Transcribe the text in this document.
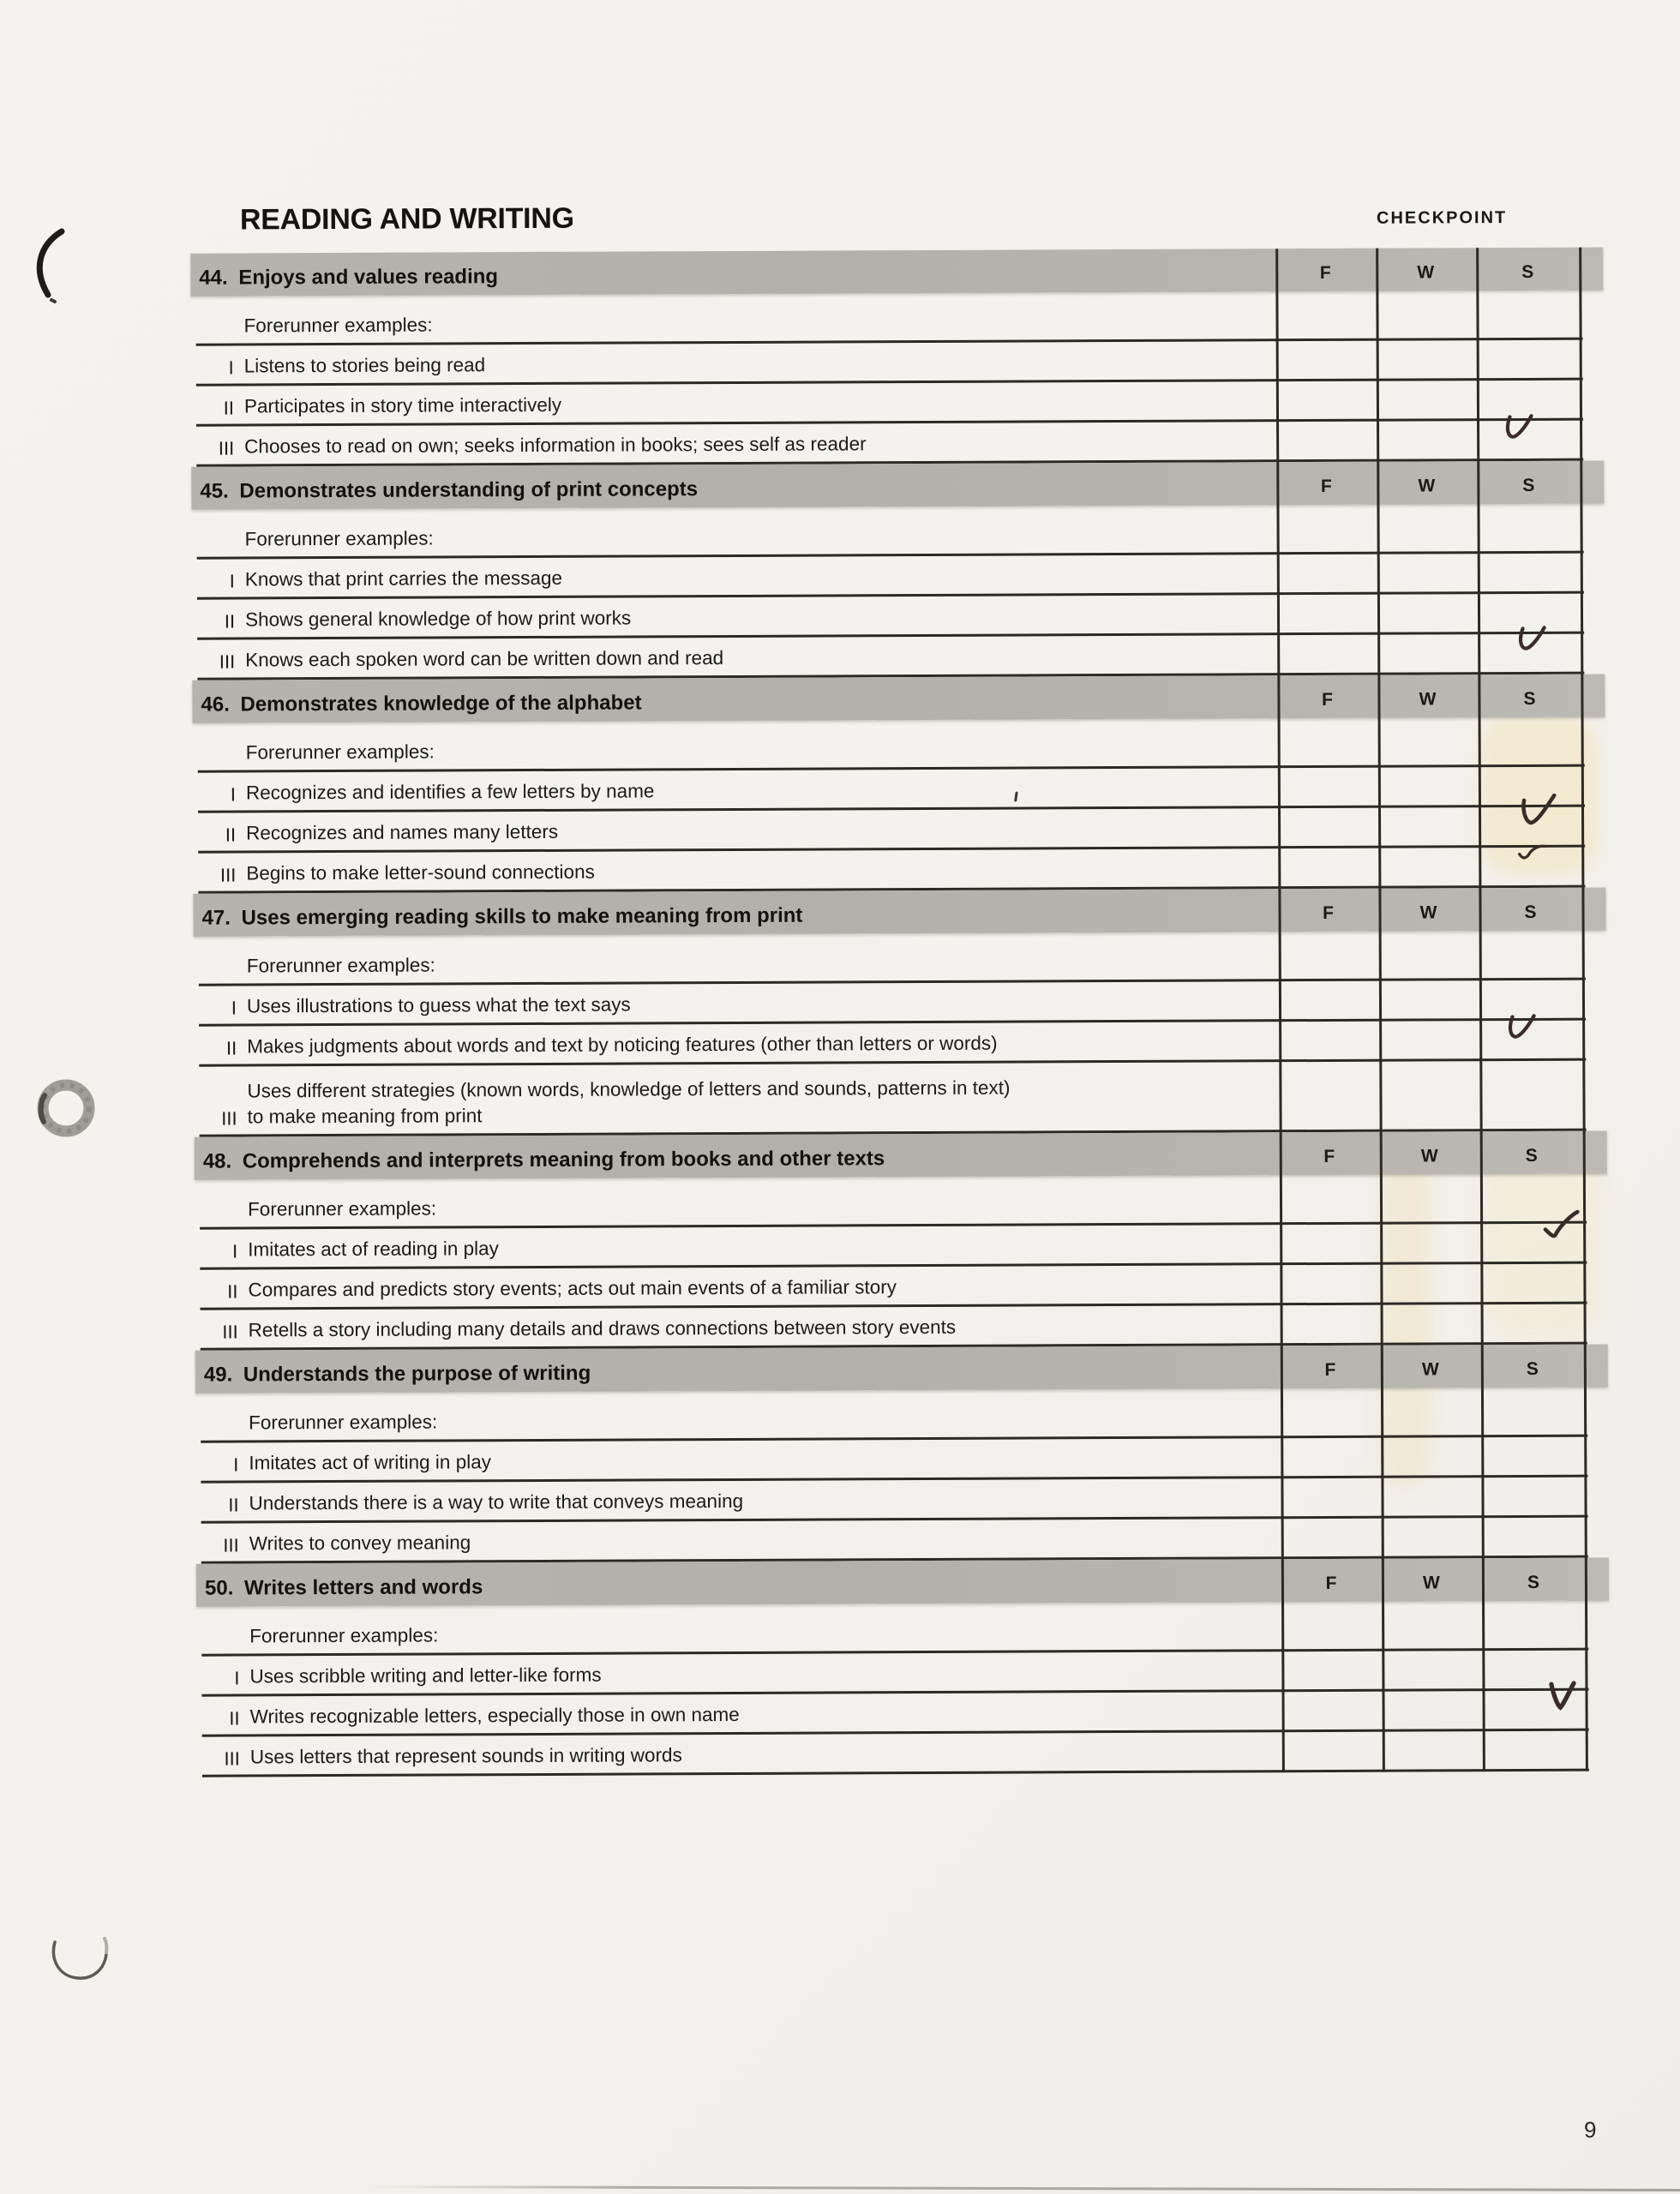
READING AND WRITING	CHECKPOINT
44. Enjoys and values reading	F	W	S
Forerunner examples:
I Listens to stories being read
II Participates in story time interactively
III Chooses to read on own; seeks information in books; sees self as reader
45. Demonstrates understanding of print concepts	F	W	S
Forerunner examples:
I Knows that print carries the message
II Shows general knowledge of how print works
III Knows each spoken word can be written down and read
46. Demonstrates knowledge of the alphabet	F	W	S
Forerunner examples:
I Recognizes and identifies a few letters by name
II Recognizes and names many letters
III Begins to make letter-sound connections
47. Uses emerging reading skills to make meaning from print	F	W	S
Forerunner examples:
I Uses illustrations to guess what the text says
II Makes judgments about words and text by noticing features (other than letters or words)
III
Uses different strategies (known words, knowledge of letters and sounds, patterns in text)
to make meaning from print
48. Comprehends and interprets meaning from books and other texts	F	W	S
Forerunner examples:
I Imitates act of reading in play
II Compares and predicts story events; acts out main events of a familiar story
III Retells a story including many details and draws connections between story events
49. Understands the purpose of writing	F	W	S
Forerunner examples:
I Imitates act of writing in play
II Understands there is a way to write that conveys meaning
III Writes to convey meaning
50. Writes letters and words	F	W	S
Forerunner examples:
I Uses scribble writing and letter-like forms
II Writes recognizable letters, especially those in own name
III Uses letters that represent sounds in writing words
9
